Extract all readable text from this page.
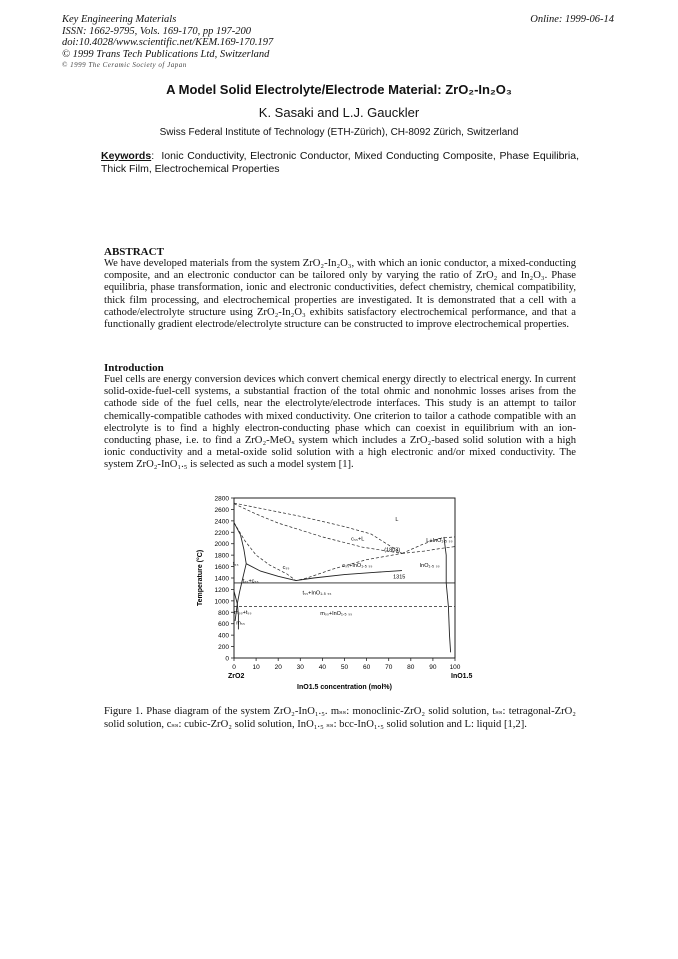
Key Engineering Materials
ISSN: 1662-9795, Vols. 169-170, pp 197-200
doi:10.4028/www.scientific.net/KEM.169-170.197
© 1999 Trans Tech Publications Ltd, Switzerland
Online: 1999-06-14
© 1999 The Ceramic Society of Japan
A Model Solid Electrolyte/Electrode Material: ZrO₂-In₂O₃
K. Sasaki and L.J. Gauckler
Swiss Federal Institute of Technology (ETH-Zürich), CH-8092 Zürich, Switzerland
Keywords:  Ionic Conductivity, Electronic Conductor, Mixed Conducting Composite, Phase Equilibria, Thick Film, Electrochemical Properties
ABSTRACT
We have developed materials from the system ZrO₂-In₂O₃, with which an ionic conductor, a mixed-conducting composite, and an electronic conductor can be tailored only by varying the ratio of ZrO₂ and In₂O₃. Phase equilibria, phase transformation, ionic and electronic conductivities, defect chemistry, chemical compatibility, thick film processing, and electrochemical properties are investigated. It is demonstrated that a cell with a cathode/electrolyte structure using ZrO₂-In₂O₃ exhibits satisfactory electrochemical performance, and that a functionally gradient electrode/electrolyte structure can be constructed to improve electrochemical properties.
Introduction
Fuel cells are energy conversion devices which convert chemical energy directly to electrical energy. In current solid-oxide-fuel-cell systems, a substantial fraction of the total ohmic and nonohmic losses arises from the cathode side of the fuel cells, near the electrolyte/electrode interfaces. This study is an attempt to tailor chemically-compatible cathodes with mixed conductivity. One criterion to tailor a cathode compatible with an electrolyte is to find a highly electron-conducting phase which can coexist in equilibrium with an ion-conducting phase, i.e. to find a ZrO₂-MeOₓ system which includes a ZrO₂-based solid solution with a high ionic conductivity and a metal-oxide solid solution with a high electronic and/or mixed conductivity. The system ZrO₂-InO₁.₅ is selected as such a model system [1].
0
200
400
600
800
1000
1200
1400
1600
1800
2000
2200
2400
2600
2800
0	10 20 30 40 50 60 70 80 90 100
ZrO2	InO1.5
InO1.5 concentration (mol%)
Temperature (°C)
L
cₛₛ+L	L+InO₁.₅ ₛₛ
(1803)
tₛₛ
cₛₛ	cₛₛ+InO₁.₅ ₛₛ	InO₁.₅ ₛₛ
tₛₛ+cₛₛ
1315
tₛₛ+InO₁.₅ ₛₛ
mₛₛ+tₛₛ
mₛₛ
mₛₛ+InO₁.₅ ₛₛ
Figure 1. Phase diagram of the system ZrO₂-InO₁.₅. mₛₛ: monoclinic-ZrO₂ solid solution, tₛₛ: tetragonal-ZrO₂ solid solution, cₛₛ: cubic-ZrO₂ solid solution, InO₁.₅ ₛₛ: bcc-InO₁.₅ solid solution and L: liquid [1,2].
